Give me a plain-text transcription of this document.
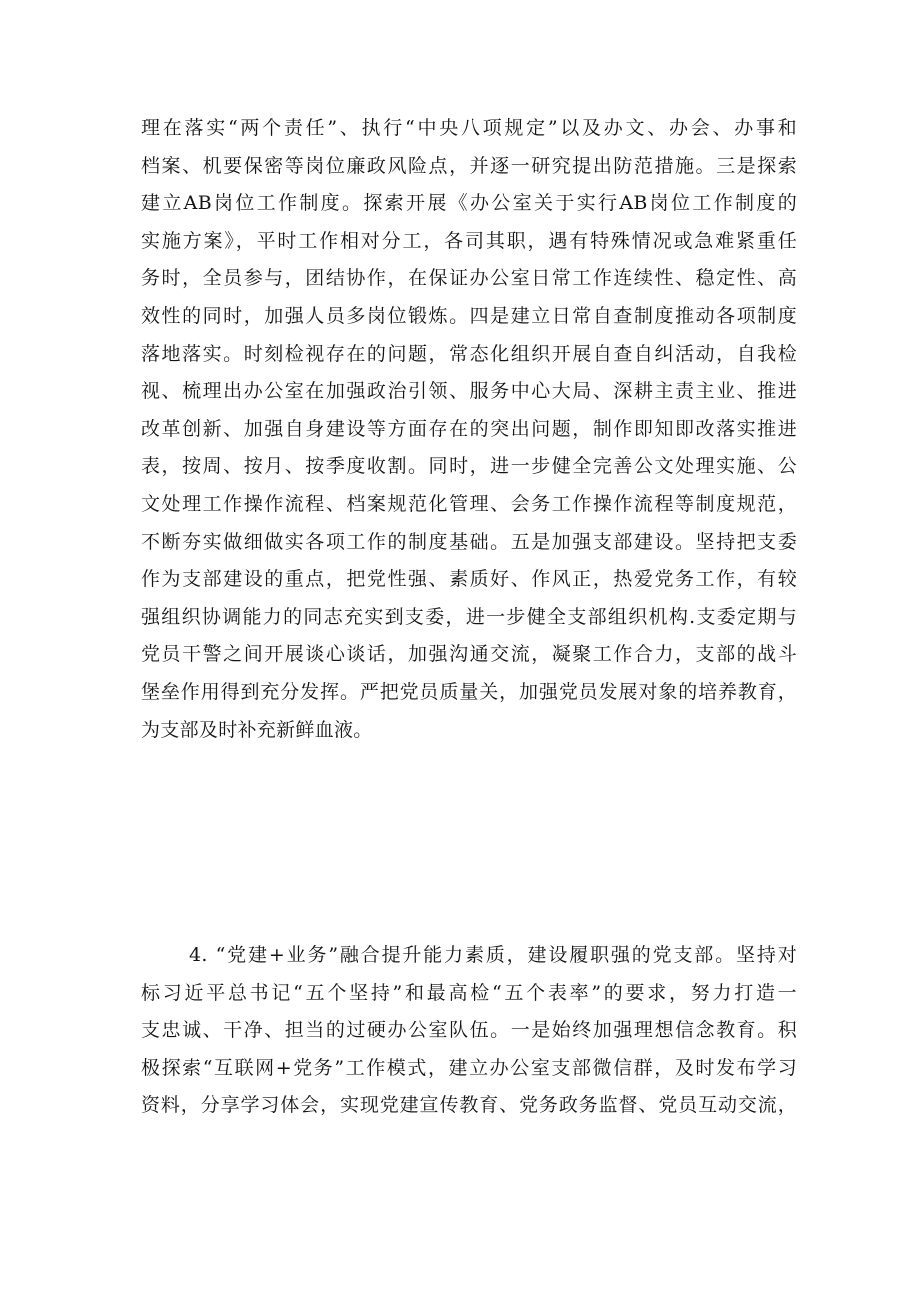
理在落实“两个责任”、执行“中央八项规定”以及办文、办会、办事和
档案、机要保密等岗位廉政风险点，并逐一研究提出防范措施。三是探索
建立AB岗位工作制度。探索开展《办公室关于实行AB岗位工作制度的
实施方案》，平时工作相对分工，各司其职，遇有特殊情况或急难紧重任
务时，全员参与，团结协作，在保证办公室日常工作连续性、稳定性、高
效性的同时，加强人员多岗位锻炼。四是建立日常自查制度推动各项制度
落地落实。时刻检视存在的问题，常态化组织开展自查自纠活动，自我检
视、梳理出办公室在加强政治引领、服务中心大局、深耕主责主业、推进
改革创新、加强自身建设等方面存在的突出问题，制作即知即改落实推进
表，按周、按月、按季度收割。同时，进一步健全完善公文处理实施、公
文处理工作操作流程、档案规范化管理、会务工作操作流程等制度规范，
不断夯实做细做实各项工作的制度基础。五是加强支部建设。坚持把支委
作为支部建设的重点，把党性强、素质好、作风正，热爱党务工作，有较
强组织协调能力的同志充实到支委，进一步健全支部组织机构.支委定期与
党员干警之间开展谈心谈话，加强沟通交流，凝聚工作合力，支部的战斗
堡垒作用得到充分发挥。严把党员质量关，加强党员发展对象的培养教育，
为支部及时补充新鲜血液。
4. “党建+业务”融合提升能力素质，建设履职强的党支部。坚持对
标习近平总书记“五个坚持”和最高检“五个表率”的要求，努力打造一
支忠诚、干净、担当的过硬办公室队伍。一是始终加强理想信念教育。积
极探索“互联网+党务”工作模式，建立办公室支部微信群，及时发布学习
资料，分享学习体会，实现党建宣传教育、党务政务监督、党员互动交流，
